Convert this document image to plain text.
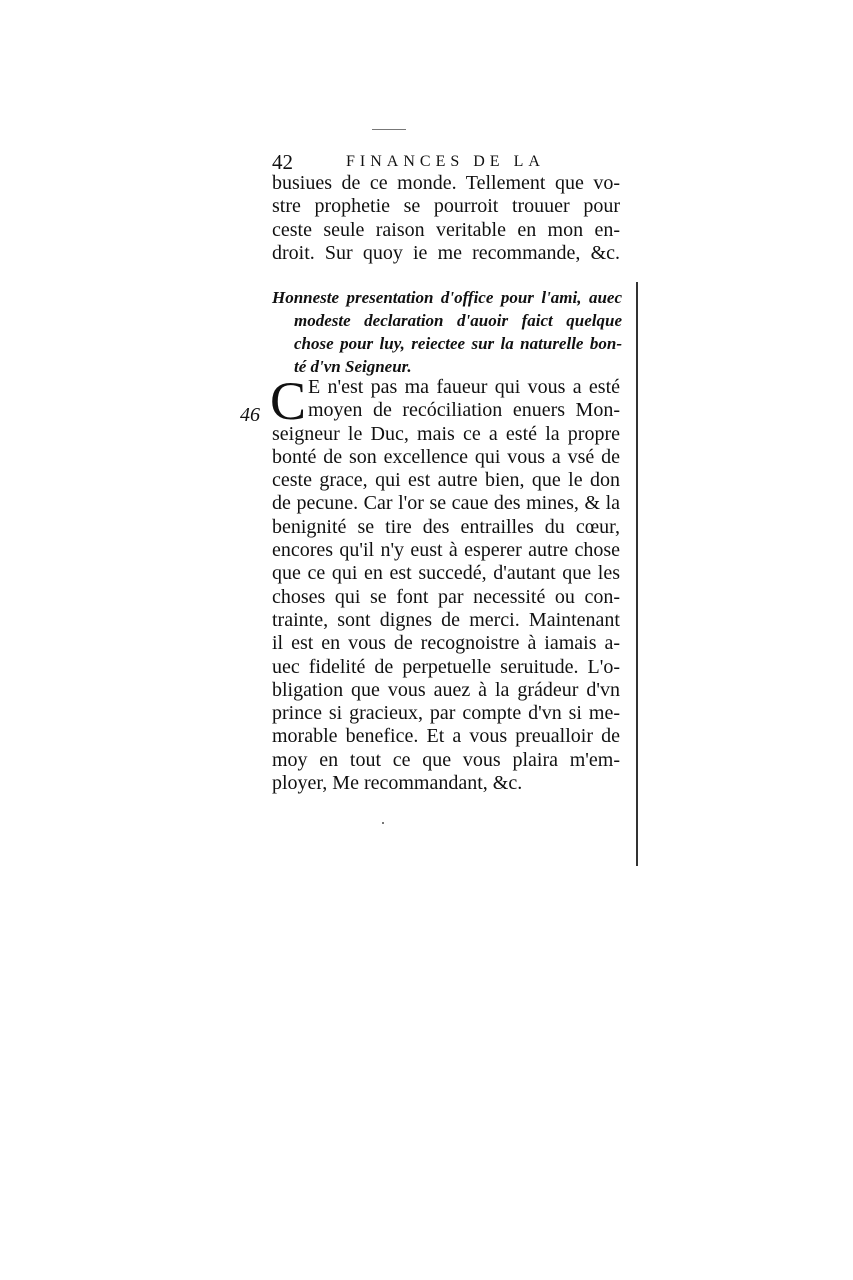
42	FINANCES DE LA
busiues de ce monde. Tellement que vo-
stre prophetie se pourroit trouuer pour
ceste seule raison veritable en mon en-
droit. Sur quoy ie me recommande, &c.
Honneste presentation d'office pour l'ami, auec
modeste declaration d'auoir faict quelque
chose pour luy, reiectee sur la naturelle bon-
té d'vn Seigneur.
46 C E n'est pas ma faueur qui vous a esté
moyen de recóciliation enuers Mon-
seigneur le Duc, mais ce a esté la propre
bonté de son excellence qui vous a vsé de
ceste grace, qui est autre bien, que le don
de pecune. Car l'or se caue des mines, & la
benignité se tire des entrailles du cœur,
encores qu'il n'y eust à esperer autre chose
que ce qui en est succedé, d'autant que les
choses qui se font par necessité ou con-
trainte, sont dignes de merci. Maintenant
il est en vous de recognoistre à iamais a-
uec fidelité de perpetuelle seruitude. L'o-
bligation que vous auez à la grádeur d'vn
prince si gracieux, par compte d'vn si me-
morable benefice. Et a vous preualloir de
moy en tout ce que vous plaira m'em-
ployer, Me recommandant, &c.
